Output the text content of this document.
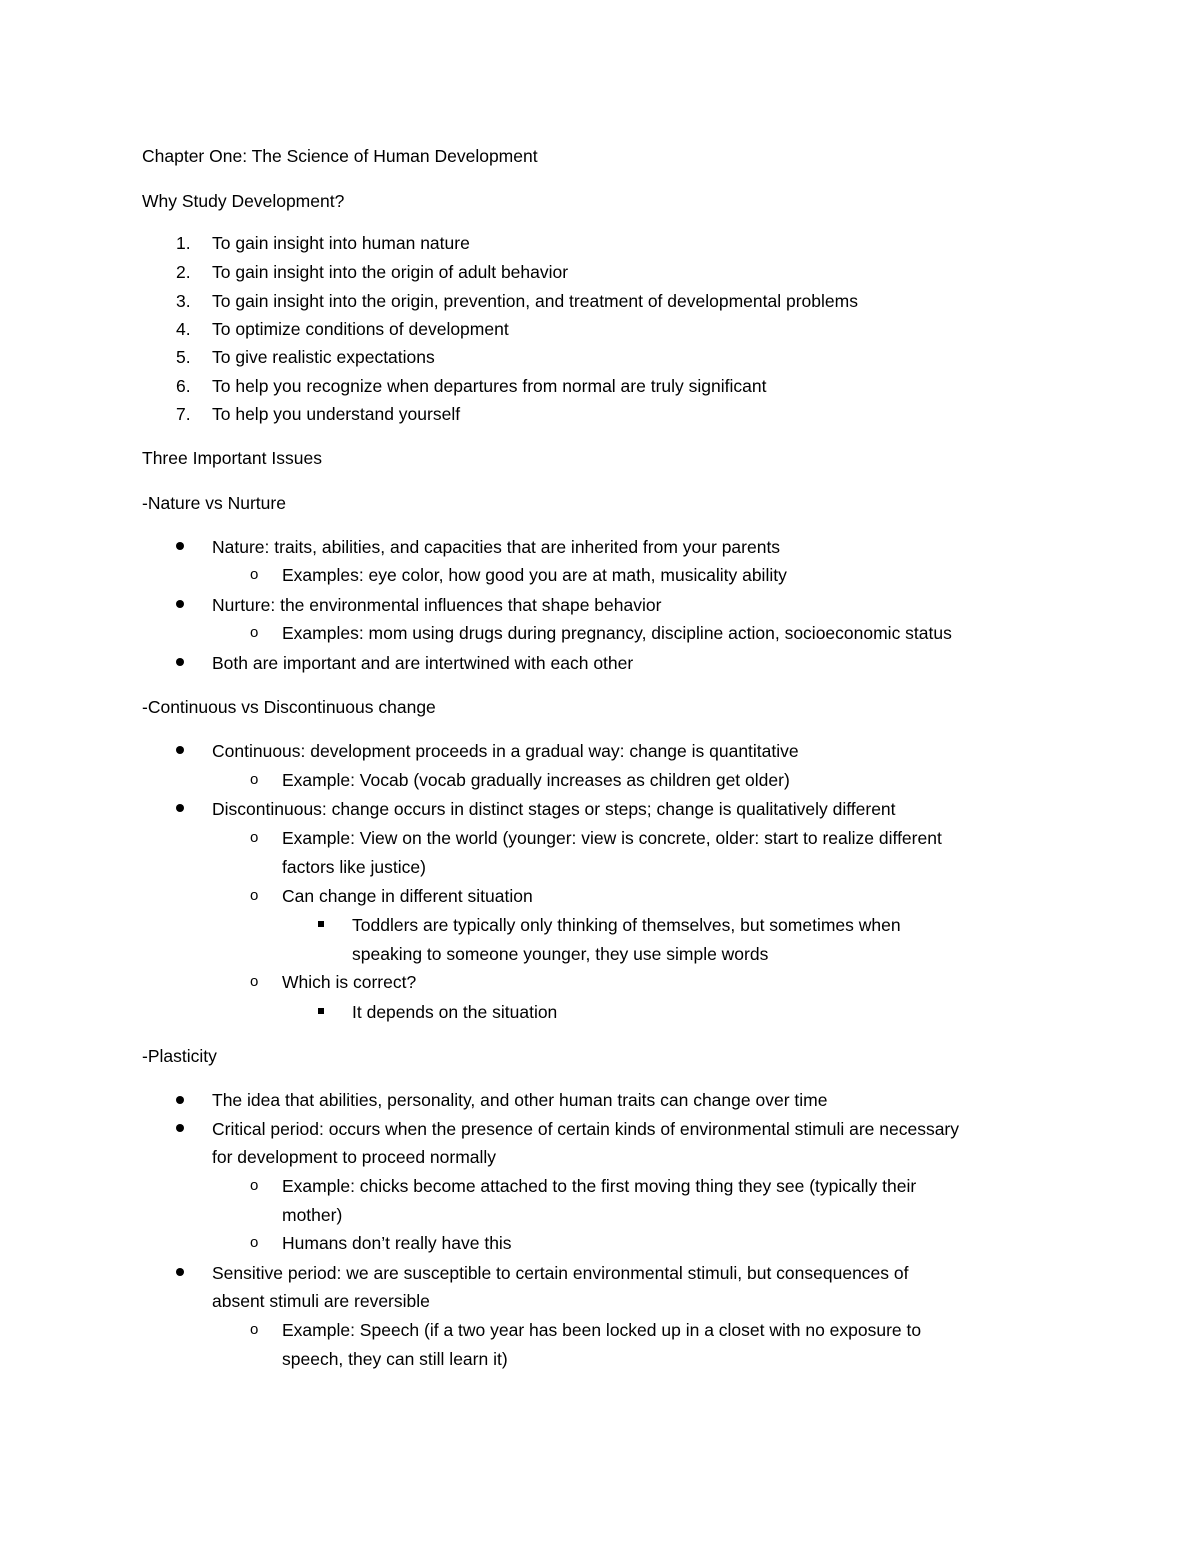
Chapter One: The Science of Human Development
Why Study Development?
1. To gain insight into human nature
2. To gain insight into the origin of adult behavior
3. To gain insight into the origin, prevention, and treatment of developmental problems
4. To optimize conditions of development
5. To give realistic expectations
6. To help you recognize when departures from normal are truly significant
7. To help you understand yourself
Three Important Issues
-Nature vs Nurture
Nature: traits, abilities, and capacities that are inherited from your parents
o Examples: eye color, how good you are at math, musicality ability
Nurture: the environmental influences that shape behavior
o Examples: mom using drugs during pregnancy, discipline action, socioeconomic status
Both are important and are intertwined with each other
-Continuous vs Discontinuous change
Continuous: development proceeds in a gradual way: change is quantitative
o Example: Vocab (vocab gradually increases as children get older)
Discontinuous: change occurs in distinct stages or steps; change is qualitatively different
o Example: View on the world (younger: view is concrete, older: start to realize different
factors like justice)
o Can change in different situation
Toddlers are typically only thinking of themselves, but sometimes when
speaking to someone younger, they use simple words
o Which is correct?
It depends on the situation
-Plasticity
The idea that abilities, personality, and other human traits can change over time
Critical period: occurs when the presence of certain kinds of environmental stimuli are necessary
for development to proceed normally
o Example: chicks become attached to the first moving thing they see (typically their
mother)
o Humans don’t really have this
Sensitive period: we are susceptible to certain environmental stimuli, but consequences of
absent stimuli are reversible
o Example: Speech (if a two year has been locked up in a closet with no exposure to
speech, they can still learn it)
